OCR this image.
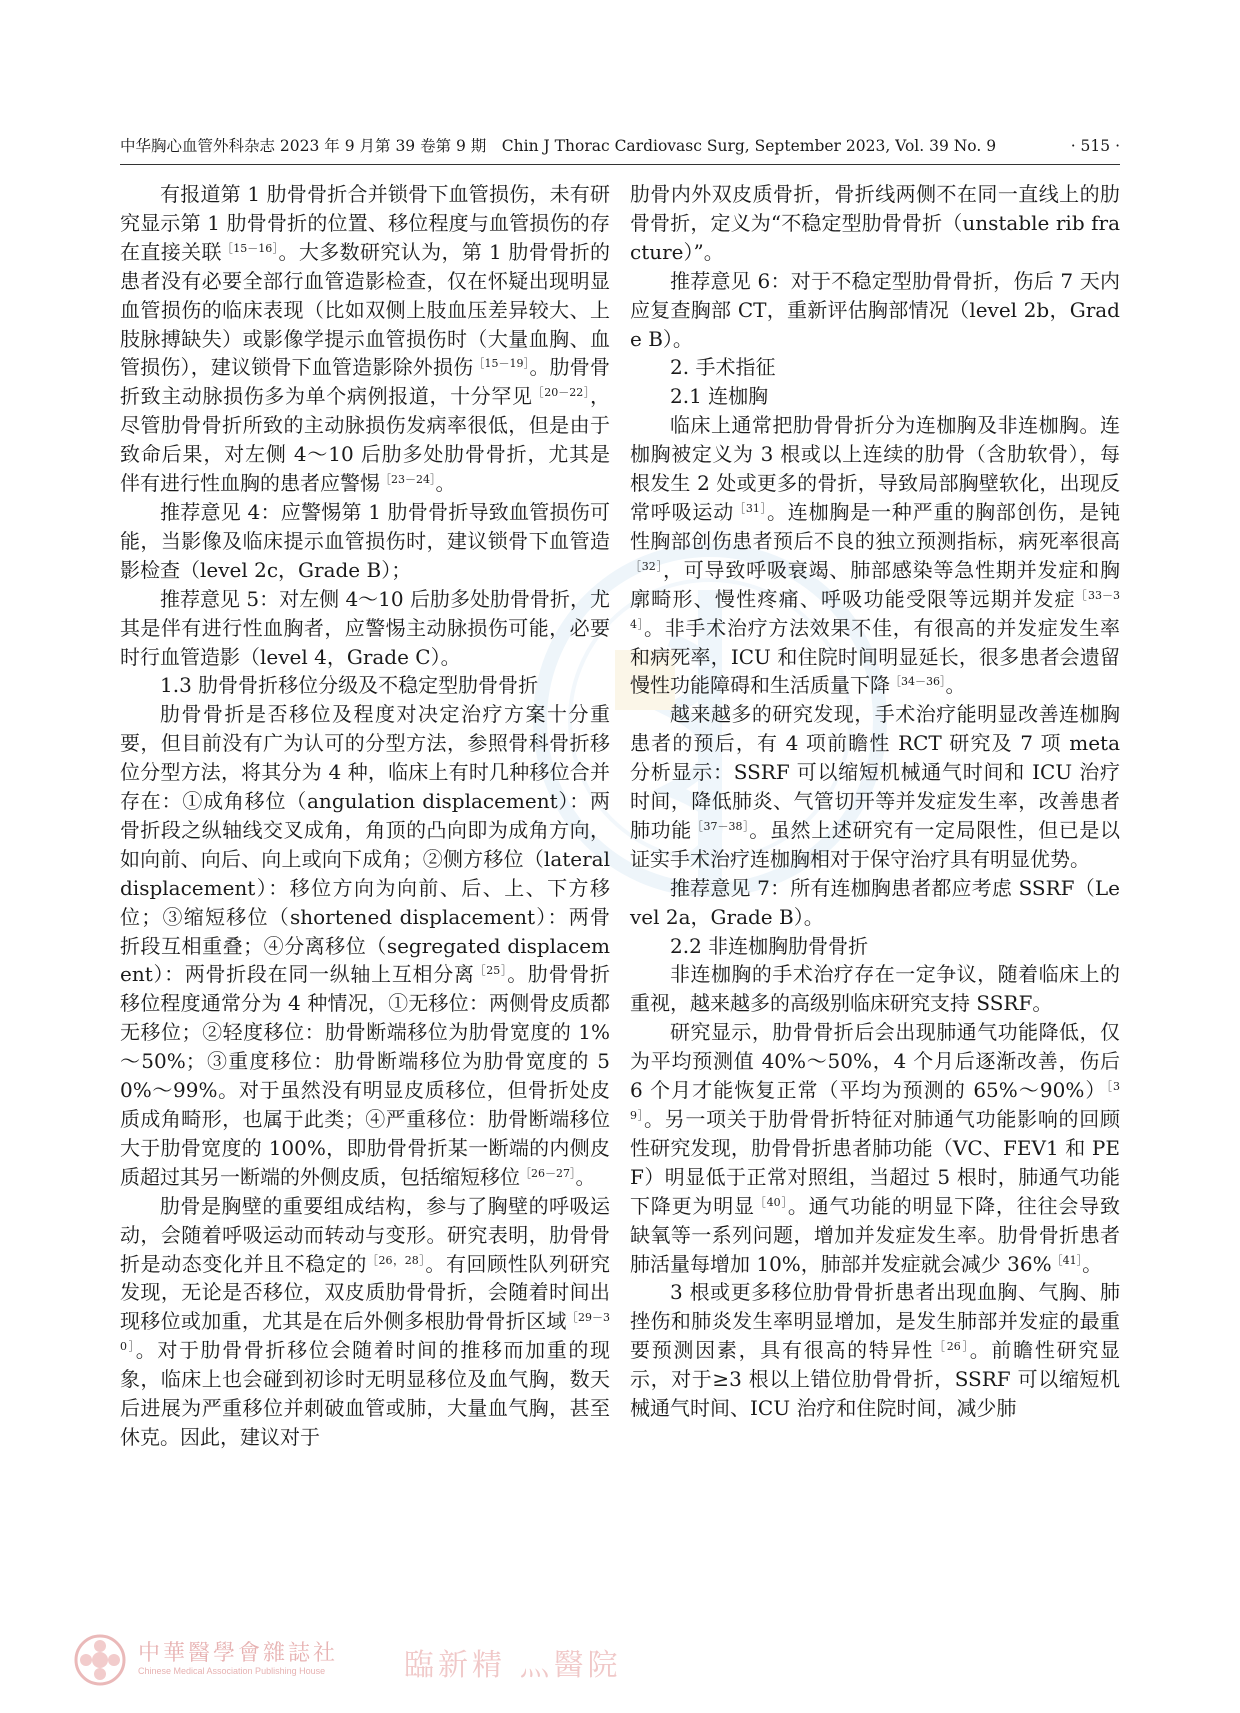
中华胸心血管外科杂志 2023 年 9 月第 39 卷第 9 期　Chin J Thorac Cardiovasc Surg, September 2023, Vol. 39 No. 9	· 515 ·

有报道第 1 肋骨骨折合并锁骨下血管损伤，未有研究显示第 1 肋骨骨折的位置、移位程度与血管损伤的存在直接关联$^{[15-16]}$。大多数研究认为，第 1 肋骨骨折的患者没有必要全部行血管造影检查，仅在怀疑出现明显血管损伤的临床表现（比如双侧上肢血压差异较大、上肢脉搏缺失）或影像学提示血管损伤时（大量血胸、血管损伤），建议锁骨下血管造影除外损伤$^{[15-19]}$。肋骨骨折致主动脉损伤多为单个病例报道，十分罕见$^{[20-22]}$，尽管肋骨骨折所致的主动脉损伤发病率很低，但是由于致命后果，对左侧 4～10 后肋多处肋骨骨折，尤其是伴有进行性血胸的患者应警惕$^{[23-24]}$。

推荐意见 4：应警惕第 1 肋骨骨折导致血管损伤可能，当影像及临床提示血管损伤时，建议锁骨下血管造影检查（level 2c，Grade B）；

推荐意见 5：对左侧 4～10 后肋多处肋骨骨折，尤其是伴有进行性血胸者，应警惕主动脉损伤可能，必要时行血管造影（level 4，Grade C）。

1.3 肋骨骨折移位分级及不稳定型肋骨骨折

肋骨骨折是否移位及程度对决定治疗方案十分重要，但目前没有广为认可的分型方法，参照骨科骨折移位分型方法，将其分为 4 种，临床上有时几种移位合并存在：①成角移位（angulation displacement）：两骨折段之纵轴线交叉成角，角顶的凸向即为成角方向，如向前、向后、向上或向下成角；②侧方移位（lateral displacement）：移位方向为向前、后、上、下方移位；③缩短移位（shortened displacement）：两骨折段互相重叠；④分离移位（segregated displacement）：两骨折段在同一纵轴上互相分离$^{[25]}$。肋骨骨折移位程度通常分为 4 种情况，①无移位：两侧骨皮质都无移位；②轻度移位：肋骨断端移位为肋骨宽度的 1%～50%；③重度移位：肋骨断端移位为肋骨宽度的 50%～99%。对于虽然没有明显皮质移位，但骨折处皮质成角畸形，也属于此类；④严重移位：肋骨断端移位大于肋骨宽度的 100%，即肋骨骨折某一断端的内侧皮质超过其另一断端的外侧皮质，包括缩短移位$^{[26-27]}$。

肋骨是胸壁的重要组成结构，参与了胸壁的呼吸运动，会随着呼吸运动而转动与变形。研究表明，肋骨骨折是动态变化并且不稳定的$^{[26,28]}$。有回顾性队列研究发现，无论是否移位，双皮质肋骨骨折，会随着时间出现移位或加重，尤其是在后外侧多根肋骨骨折区域$^{[29-30]}$。对于肋骨骨折移位会随着时间的推移而加重的现象，临床上也会碰到初诊时无明显移位及血气胸，数天后进展为严重移位并刺破血管或肺，大量血气胸，甚至休克。因此，建议对于

肋骨内外双皮质骨折，骨折线两侧不在同一直线上的肋骨骨折，定义为“不稳定型肋骨骨折（unstable rib fracture）”。

推荐意见 6：对于不稳定型肋骨骨折，伤后 7 天内应复查胸部 CT，重新评估胸部情况（level 2b，Grade B）。

2. 手术指征

2.1 连枷胸

临床上通常把肋骨骨折分为连枷胸及非连枷胸。连枷胸被定义为 3 根或以上连续的肋骨（含肋软骨），每根发生 2 处或更多的骨折，导致局部胸壁软化，出现反常呼吸运动$^{[31]}$。连枷胸是一种严重的胸部创伤，是钝性胸部创伤患者预后不良的独立预测指标，病死率很高$^{[32]}$，可导致呼吸衰竭、肺部感染等急性期并发症和胸廓畸形、慢性疼痛、呼吸功能受限等远期并发症$^{[33-34]}$。非手术治疗方法效果不佳，有很高的并发症发生率和病死率，ICU 和住院时间明显延长，很多患者会遗留慢性功能障碍和生活质量下降$^{[34-36]}$。

越来越多的研究发现，手术治疗能明显改善连枷胸患者的预后，有 4 项前瞻性 RCT 研究及 7 项 meta 分析显示：SSRF 可以缩短机械通气时间和 ICU 治疗时间，降低肺炎、气管切开等并发症发生率，改善患者肺功能$^{[37-38]}$。虽然上述研究有一定局限性，但已是以证实手术治疗连枷胸相对于保守治疗具有明显优势。

推荐意见 7：所有连枷胸患者都应考虑 SSRF（Level 2a，Grade B）。

2.2 非连枷胸肋骨骨折

非连枷胸的手术治疗存在一定争议，随着临床上的重视，越来越多的高级别临床研究支持 SSRF。

研究显示，肋骨骨折后会出现肺通气功能降低，仅为平均预测值 40%～50%，4 个月后逐渐改善，伤后 6 个月才能恢复正常（平均为预测的 65%～90%）$^{[39]}$。另一项关于肋骨骨折特征对肺通气功能影响的回顾性研究发现，肋骨骨折患者肺功能（VC、FEV1 和 PEF）明显低于正常对照组，当超过 5 根时，肺通气功能下降更为明显$^{[40]}$。通气功能的明显下降，往往会导致缺氧等一系列问题，增加并发症发生率。肋骨骨折患者肺活量每增加 10%，肺部并发症就会减少 36%$^{[41]}$。

3 根或更多移位肋骨骨折患者出现血胸、气胸、肺挫伤和肺炎发生率明显增加，是发生肺部并发症的最重要预测因素，具有很高的特异性$^{[26]}$。前瞻性研究显示，对于≥3 根以上错位肋骨骨折，SSRF 可以缩短机械通气时间、ICU 治疗和住院时间，减少肺

中華醫學會雜誌社
Chinese Medical Association Publishing House	臨新精 灬醫院
